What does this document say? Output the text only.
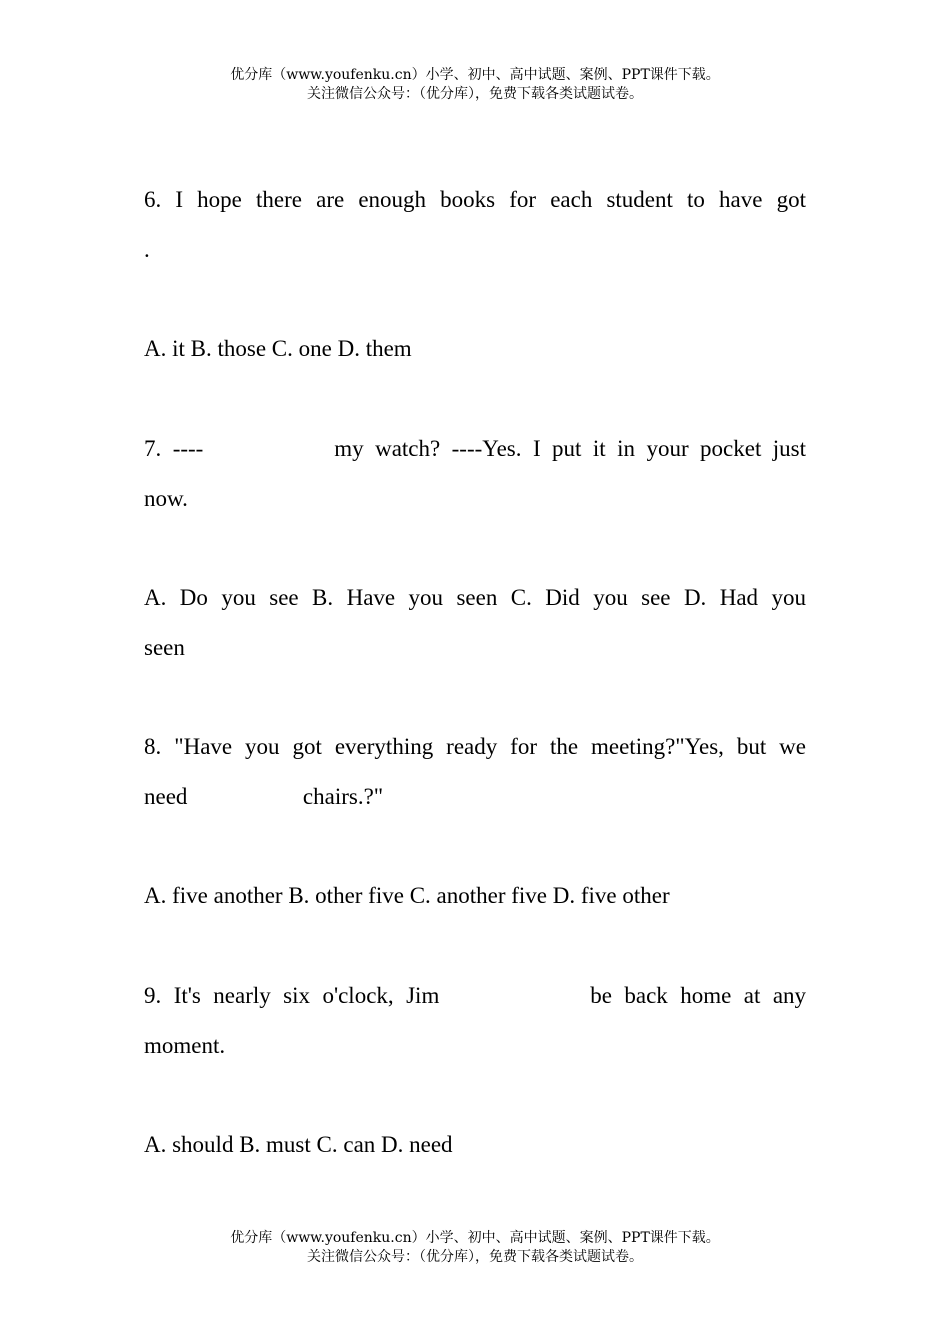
优分库（www.youfenku.cn）小学、初中、高中试题、案例、PPT课件下载。
关注微信公众号：（优分库），免费下载各类试题试卷。
6. I hope there are enough books for each student to have got
.
A. it B. those C. one D. them
7. ----	my watch? ----Yes. I put it in your pocket just
now.
A. Do you see B. Have you seen C. Did you see D. Had you
seen
8. "Have you got everything ready for the meeting?"Yes, but we
need	chairs.?"
A. five another B. other five C. another five D. five other
9. It's nearly six o'clock, Jim	be back home at any
moment.
A. should B. must C. can D. need
优分库（www.youfenku.cn）小学、初中、高中试题、案例、PPT课件下载。
关注微信公众号：（优分库），免费下载各类试题试卷。
